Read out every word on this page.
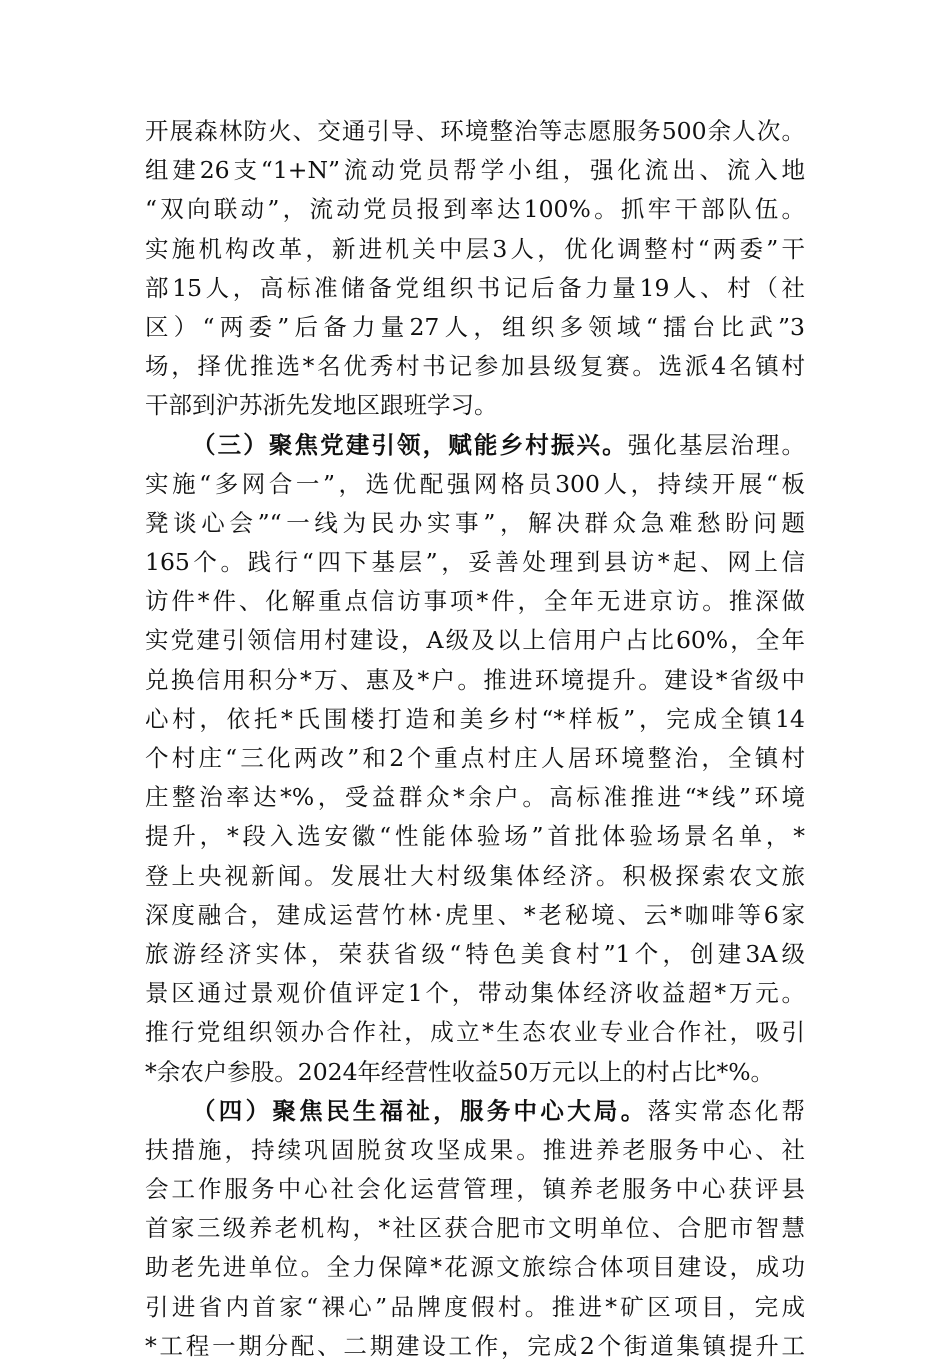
开展森林防火、交通引导、环境整治等志愿服务500余人次。
组建26支“1+N”流动党员帮学小组，强化流出、流入地
“双向联动”，流动党员报到率达100%。抓牢干部队伍。
实施机构改革，新进机关中层3人，优化调整村“两委”干
部15人，高标准储备党组织书记后备力量19人、村（社
区）“两委”后备力量27人，组织多领域“擂台比武”3
场，择优推选*名优秀村书记参加县级复赛。选派4名镇村
干部到沪苏浙先发地区跟班学习。
（三）聚焦党建引领，赋能乡村振兴。强化基层治理。
实施“多网合一”，选优配强网格员300人，持续开展“板
凳谈心会”“一线为民办实事”，解决群众急难愁盼问题
165个。践行“四下基层”，妥善处理到县访*起、网上信
访件*件、化解重点信访事项*件，全年无进京访。推深做
实党建引领信用村建设，A级及以上信用户占比60%，全年
兑换信用积分*万、惠及*户。推进环境提升。建设*省级中
心村，依托*氏围楼打造和美乡村“*样板”，完成全镇14
个村庄“三化两改”和2个重点村庄人居环境整治，全镇村
庄整治率达*%，受益群众*余户。高标准推进“*线”环境
提升，*段入选安徽“性能体验场”首批体验场景名单，*
登上央视新闻。发展壮大村级集体经济。积极探索农文旅
深度融合，建成运营竹林·虎里、*老秘境、云*咖啡等6家
旅游经济实体，荣获省级“特色美食村”1个，创建3A级
景区通过景观价值评定1个，带动集体经济收益超*万元。
推行党组织领办合作社，成立*生态农业专业合作社，吸引
*余农户参股。2024年经营性收益50万元以上的村占比*%。
（四）聚焦民生福祉，服务中心大局。落实常态化帮
扶措施，持续巩固脱贫攻坚成果。推进养老服务中心、社
会工作服务中心社会化运营管理，镇养老服务中心获评县
首家三级养老机构，*社区获合肥市文明单位、合肥市智慧
助老先进单位。全力保障*花源文旅综合体项目建设，成功
引进省内首家“裸心”品牌度假村。推进*矿区项目，完成
*工程一期分配、二期建设工作，完成2个街道集镇提升工
